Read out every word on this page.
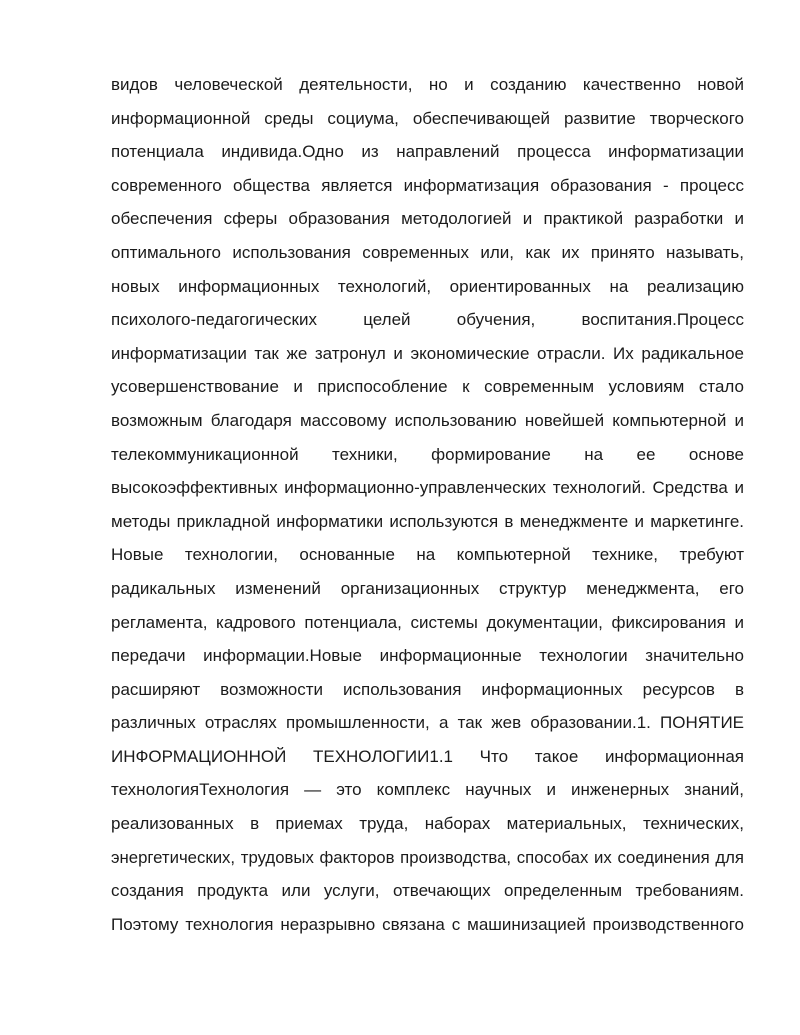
видов человеческой деятельности, но и созданию качественно новой
информационной среды социума, обеспечивающей развитие творческого
потенциала индивида.Одно из направлений процесса информатизации
современного общества является информатизация образования - процесс
обеспечения сферы образования методологией и практикой разработки и
оптимального использования современных или, как их принято называть,
новых информационных технологий, ориентированных на реализацию
психолого-педагогических целей обучения, воспитания.Процесс
информатизации так же затронул и экономические отрасли. Их радикальное
усовершенствование и приспособление к современным условиям стало
возможным благодаря массовому использованию новейшей компьютерной и
телекоммуникационной техники, формирование на ее основе
высокоэффективных информационно-управленческих технологий. Средства и
методы прикладной информатики используются в менеджменте и маркетинге.
Новые технологии, основанные на компьютерной технике, требуют
радикальных изменений организационных структур менеджмента, его
регламента, кадрового потенциала, системы документации, фиксирования и
передачи информации.Новые информационные технологии значительно
расширяют возможности использования информационных ресурсов в
различных отраслях промышленности, а так жев образовании.1. ПОНЯТИЕ
ИНФОРМАЦИОННОЙ ТЕХНОЛОГИИ1.1 Что такое информационная
технологияТехнология — это комплекс научных и инженерных знаний,
реализованных в приемах труда, наборах материальных, технических,
энергетических, трудовых факторов производства, способах их соединения для
создания продукта или услуги, отвечающих определенным требованиям.
Поэтому технология неразрывно связана с машинизацией производственного
